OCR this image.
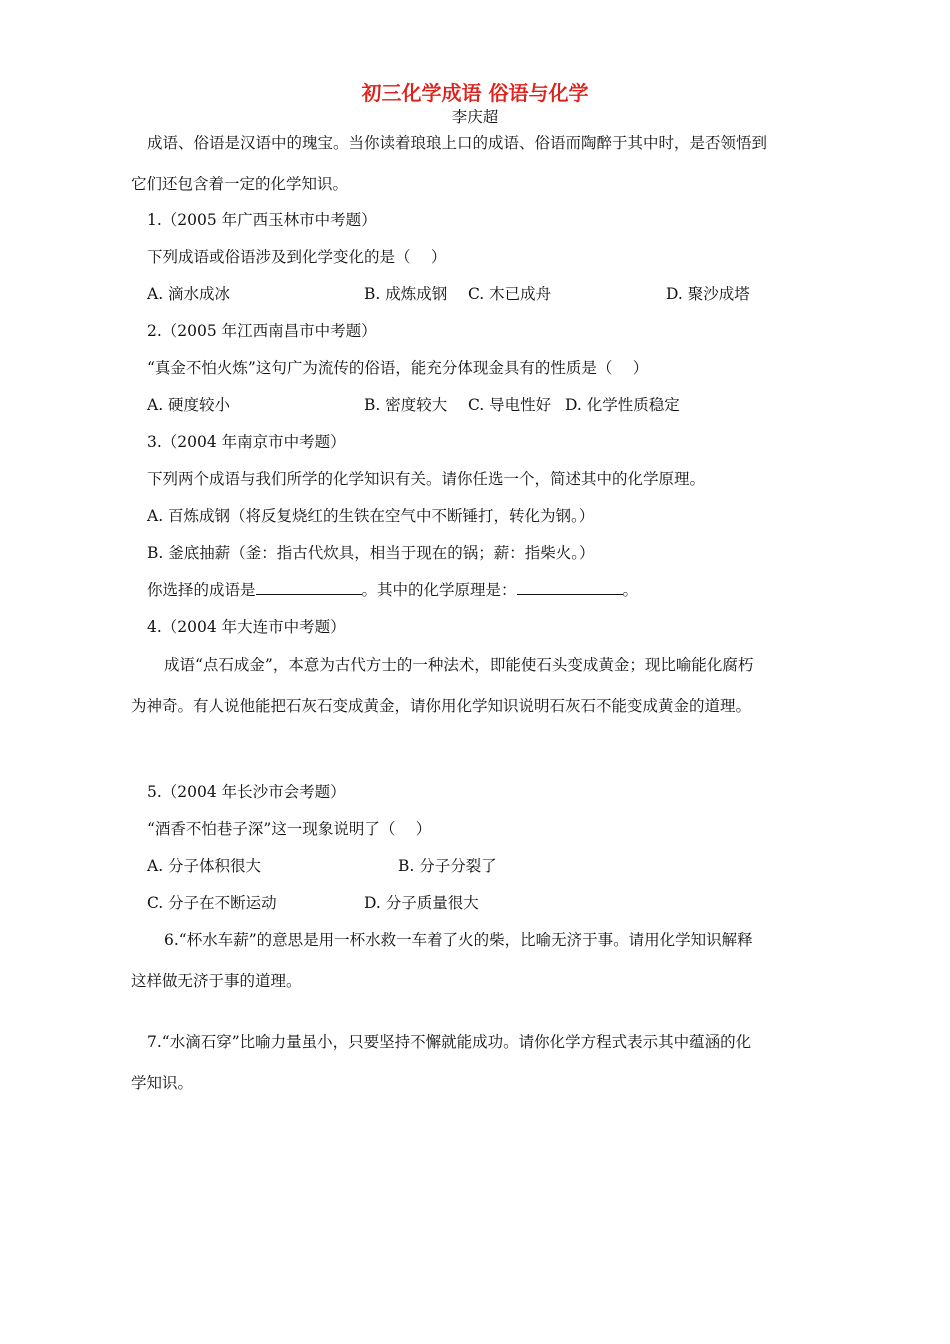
初三化学成语 俗语与化学
李庆超
成语、俗语是汉语中的瑰宝。当你读着琅琅上口的成语、俗语而陶醉于其中时，是否领悟到
它们还包含着一定的化学知识。
1.（2005 年广西玉林市中考题）
下列成语或俗语涉及到化学变化的是（　 ）
A. 滴水成冰	B. 成炼成钢 C. 木已成舟	D. 聚沙成塔
2.（2005 年江西南昌市中考题）
“真金不怕火炼”这句广为流传的俗语，能充分体现金具有的性质是（　 ）
A. 硬度较小	B. 密度较大 C. 导电性好 D. 化学性质稳定
3.（2004 年南京市中考题）
下列两个成语与我们所学的化学知识有关。请你任选一个，简述其中的化学原理。
A. 百炼成钢（将反复烧红的生铁在空气中不断锤打，转化为钢。）
B. 釜底抽薪（釜：指古代炊具，相当于现在的锅；薪：指柴火。）
你选择的成语是	。其中的化学原理是：	。
4.（2004 年大连市中考题）
成语“点石成金”，本意为古代方士的一种法术，即能使石头变成黄金；现比喻能化腐朽
为神奇。有人说他能把石灰石变成黄金，请你用化学知识说明石灰石不能变成黄金的道理。
5.（2004 年长沙市会考题）
“酒香不怕巷子深”这一现象说明了（　 ）
A. 分子体积很大	B. 分子分裂了
C. 分子在不断运动	D. 分子质量很大
6.“杯水车薪”的意思是用一杯水救一车着了火的柴，比喻无济于事。请用化学知识解释
这样做无济于事的道理。
7.“水滴石穿”比喻力量虽小，只要坚持不懈就能成功。请你化学方程式表示其中蕴涵的化
学知识。
